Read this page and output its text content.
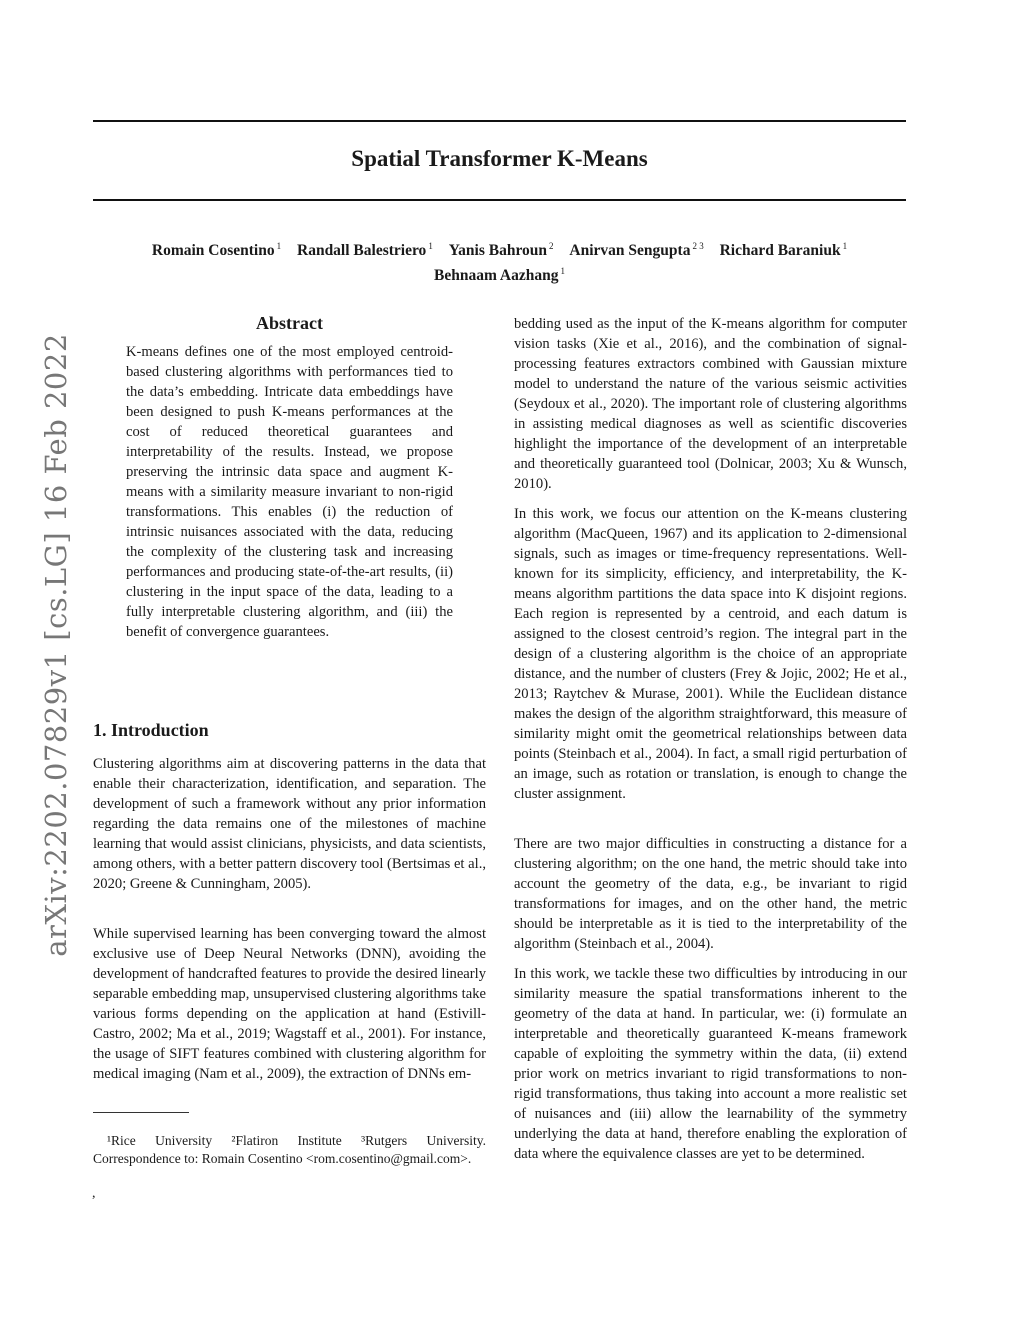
Spatial Transformer K-Means
Romain Cosentino $^1$ Randall Balestriero $^1$ Yanis Bahroun $^2$ Anirvan Sengupta $^{2 3}$ Richard Baraniuk $^1$
Behnaam Aazhang $^1$
arXiv:2202.07829v1 [cs.LG] 16 Feb 2022
Abstract

K-means defines one of the most employed centroid-based clustering algorithms with performances tied to the data’s embedding. Intricate data embeddings have been designed to push K-means performances at the cost of reduced theoretical guarantees and interpretability of the results. Instead, we propose preserving the intrinsic data space and augment K-means with a similarity measure invariant to non-rigid transformations. This enables (i) the reduction of intrinsic nuisances associated with the data, reducing the complexity of the clustering task and increasing performances and producing state-of-the-art results, (ii) clustering in the input space of the data, leading to a fully interpretable clustering algorithm, and (iii) the benefit of convergence guarantees.

1. Introduction

Clustering algorithms aim at discovering patterns in the data that enable their characterization, identification, and separation. The development of such a framework without any prior information regarding the data remains one of the milestones of machine learning that would assist clinicians, physicists, and data scientists, among others, with a better pattern discovery tool (Bertsimas et al., 2020; Greene & Cunningham, 2005).

While supervised learning has been converging toward the almost exclusive use of Deep Neural Networks (DNN), avoiding the development of handcrafted features to provide the desired linearly separable embedding map, unsupervised clustering algorithms take various forms depending on the application at hand (Estivill-Castro, 2002; Ma et al., 2019; Wagstaff et al., 2001). For instance, the usage of SIFT features combined with clustering algorithm for medical imaging (Nam et al., 2009), the extraction of DNNs em-

bedding used as the input of the K-means algorithm for computer vision tasks (Xie et al., 2016), and the combination of signal-processing features extractors combined with Gaussian mixture model to understand the nature of the various seismic activities (Seydoux et al., 2020). The important role of clustering algorithms in assisting medical diagnoses as well as scientific discoveries highlight the importance of the development of an interpretable and theoretically guaranteed tool (Dolnicar, 2003; Xu & Wunsch, 2010).

In this work, we focus our attention on the K-means clustering algorithm (MacQueen, 1967) and its application to 2-dimensional signals, such as images or time-frequency representations. Well-known for its simplicity, efficiency, and interpretability, the K-means algorithm partitions the data space into K disjoint regions. Each region is represented by a centroid, and each datum is assigned to the closest centroid’s region. The integral part in the design of a clustering algorithm is the choice of an appropriate distance, and the number of clusters (Frey & Jojic, 2002; He et al., 2013; Raytchev & Murase, 2001). While the Euclidean distance makes the design of the algorithm straightforward, this measure of similarity might omit the geometrical relationships between data points (Steinbach et al., 2004). In fact, a small rigid perturbation of an image, such as rotation or translation, is enough to change the cluster assignment.

There are two major difficulties in constructing a distance for a clustering algorithm; on the one hand, the metric should take into account the geometry of the data, e.g., be invariant to rigid transformations for images, and on the other hand, the metric should be interpretable as it is tied to the interpretability of the algorithm (Steinbach et al., 2004).

In this work, we tackle these two difficulties by introducing in our similarity measure the spatial transformations inherent to the geometry of the data at hand. In particular, we: (i) formulate an interpretable and theoretically guaranteed K-means framework capable of exploiting the symmetry within the data, (ii) extend prior work on metrics invariant to rigid transformations to non-rigid transformations, thus taking into account a more realistic set of nuisances and (iii) allow the learnability of the symmetry underlying the data at hand, therefore enabling the exploration of data where the equivalence classes are yet to be determined.

¹Rice University ²Flatiron Institute ³Rutgers University. Correspondence to: Romain Cosentino <rom.cosentino@gmail.com>.

,
